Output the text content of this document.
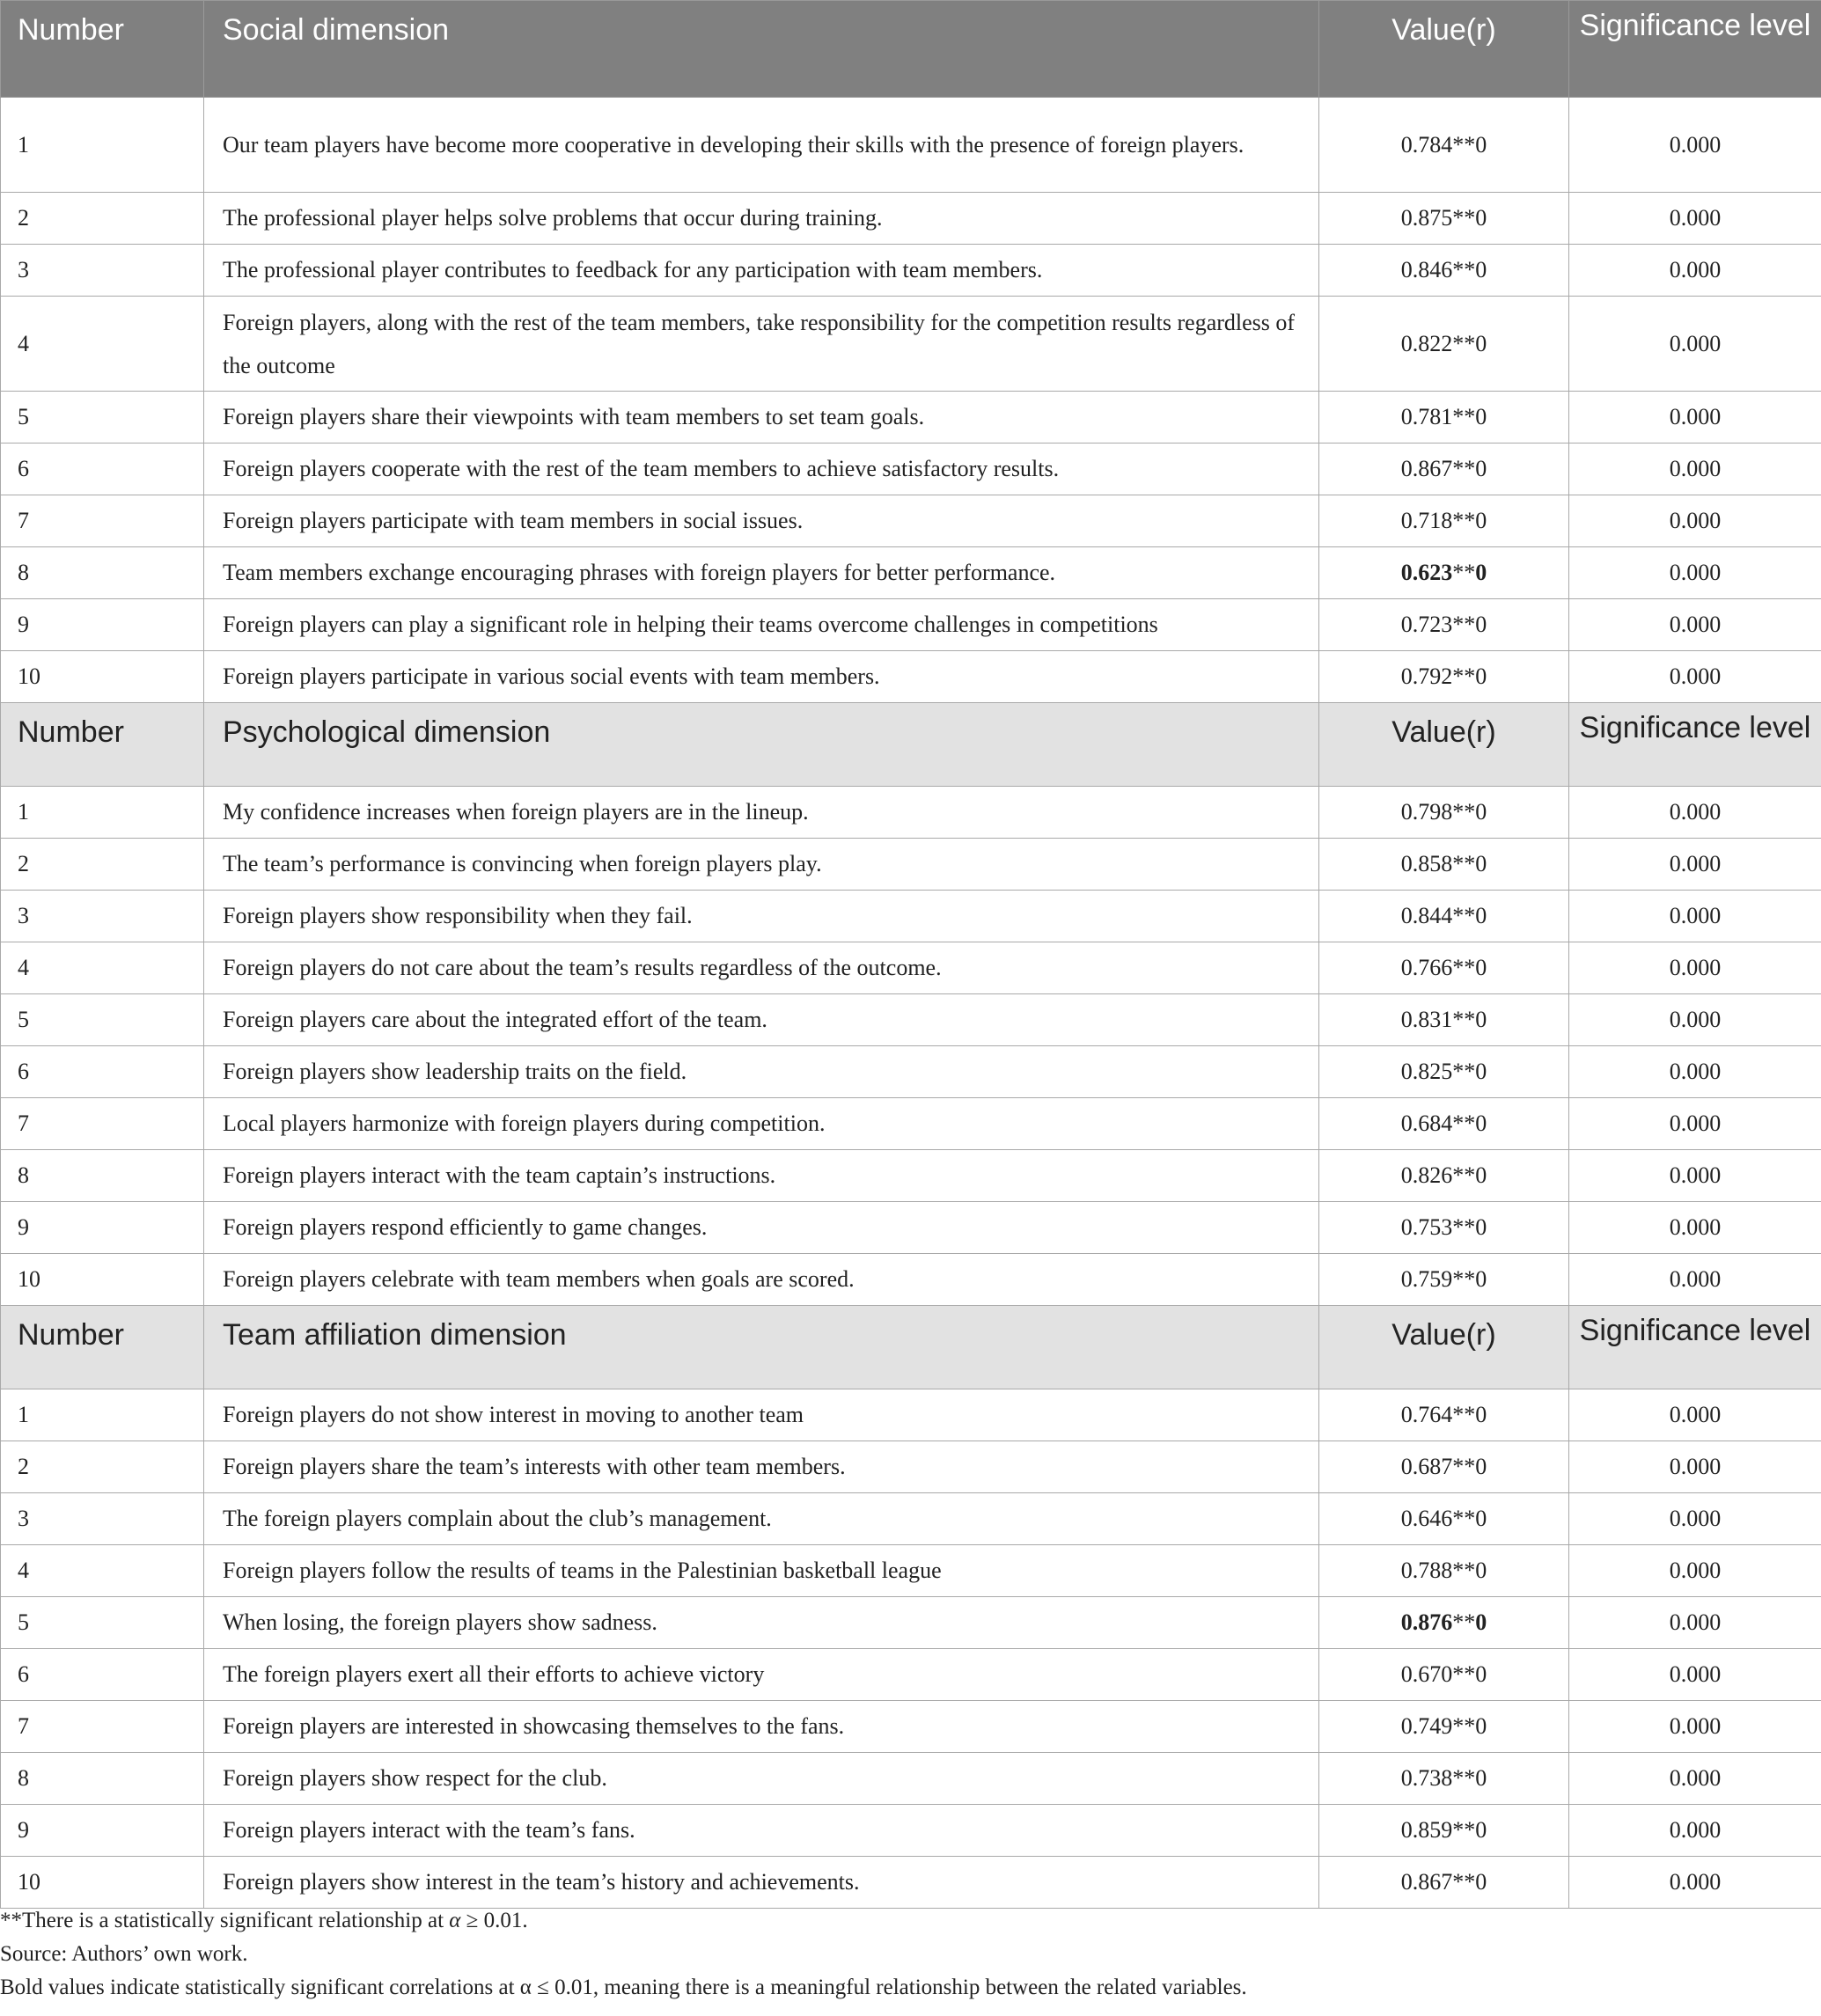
Number	Social dimension	Value(r)	Significance level
1	Our team players have become more cooperative in developing their skills with the presence of foreign players.	0.784**0	0.000
2	The professional player helps solve problems that occur during training.	0.875**0	0.000
3	The professional player contributes to feedback for any participation with team members.	0.846**0	0.000
4	Foreign players, along with the rest of the team members, take responsibility for the competition results regardless of the outcome	0.822**0	0.000
5	Foreign players share their viewpoints with team members to set team goals.	0.781**0	0.000
6	Foreign players cooperate with the rest of the team members to achieve satisfactory results.	0.867**0	0.000
7	Foreign players participate with team members in social issues.	0.718**0	0.000
8	Team members exchange encouraging phrases with foreign players for better performance.	0.623**0	0.000
9	Foreign players can play a significant role in helping their teams overcome challenges in competitions	0.723**0	0.000
10	Foreign players participate in various social events with team members.	0.792**0	0.000
Number	Psychological dimension	Value(r)	Significance level
1	My confidence increases when foreign players are in the lineup.	0.798**0	0.000
2	The team’s performance is convincing when foreign players play.	0.858**0	0.000
3	Foreign players show responsibility when they fail.	0.844**0	0.000
4	Foreign players do not care about the team’s results regardless of the outcome.	0.766**0	0.000
5	Foreign players care about the integrated effort of the team.	0.831**0	0.000
6	Foreign players show leadership traits on the field.	0.825**0	0.000
7	Local players harmonize with foreign players during competition.	0.684**0	0.000
8	Foreign players interact with the team captain’s instructions.	0.826**0	0.000
9	Foreign players respond efficiently to game changes.	0.753**0	0.000
10	Foreign players celebrate with team members when goals are scored.	0.759**0	0.000
Number	Team affiliation dimension	Value(r)	Significance level
1	Foreign players do not show interest in moving to another team	0.764**0	0.000
2	Foreign players share the team’s interests with other team members.	0.687**0	0.000
3	The foreign players complain about the club’s management.	0.646**0	0.000
4	Foreign players follow the results of teams in the Palestinian basketball league	0.788**0	0.000
5	When losing, the foreign players show sadness.	0.876**0	0.000
6	The foreign players exert all their efforts to achieve victory	0.670**0	0.000
7	Foreign players are interested in showcasing themselves to the fans.	0.749**0	0.000
8	Foreign players show respect for the club.	0.738**0	0.000
9	Foreign players interact with the team’s fans.	0.859**0	0.000
10	Foreign players show interest in the team’s history and achievements.	0.867**0	0.000
**There is a statistically significant relationship at α ≥ 0.01.
Source: Authors’ own work.
Bold values indicate statistically significant correlations at α ≤ 0.01, meaning there is a meaningful relationship between the related variables.
